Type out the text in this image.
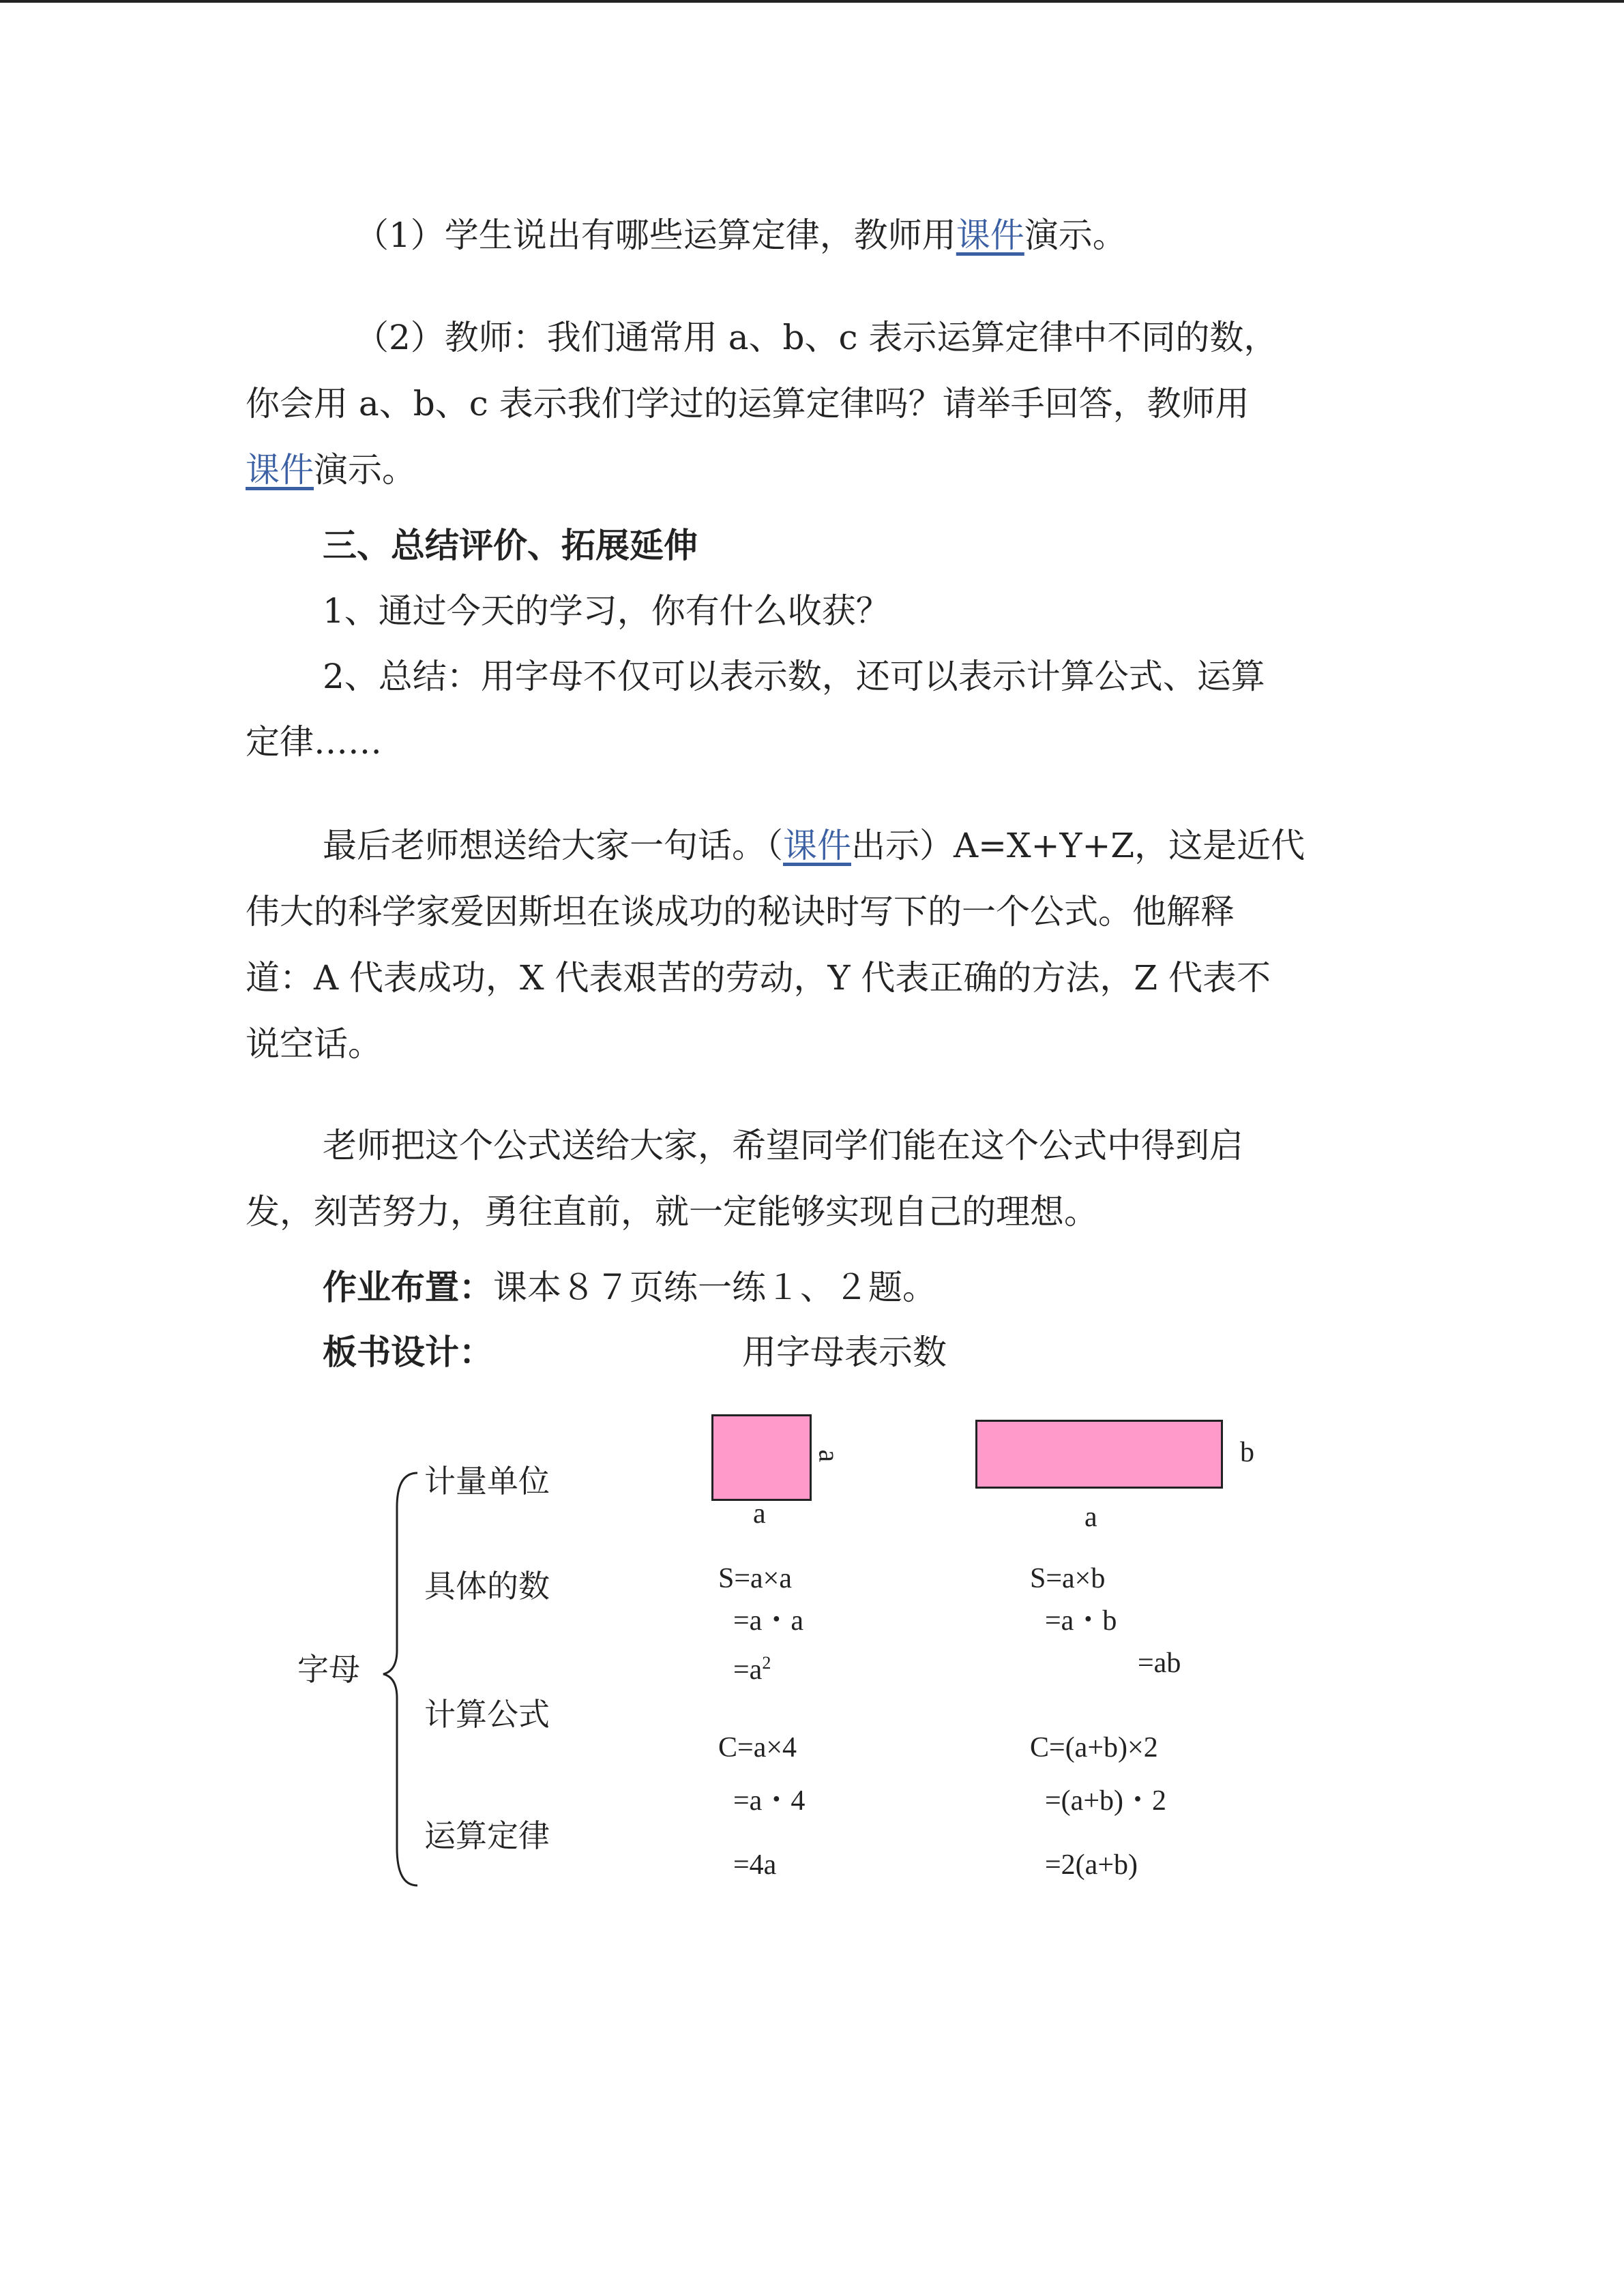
（1）学生说出有哪些运算定律，教师用课件演示。
（2）教师：我们通常用 a、b、c 表示运算定律中不同的数，
你会用 a、b、c 表示我们学过的运算定律吗？请举手回答，教师用
课件演示。
三、总结评价、拓展延伸
1、通过今天的学习，你有什么收获？
2、总结：用字母不仅可以表示数，还可以表示计算公式、运算
定律……
最后老师想送给大家一句话。（课件出示）A=X+Y+Z，这是近代
伟大的科学家爱因斯坦在谈成功的秘诀时写下的一个公式。他解释
道：A 代表成功，X 代表艰苦的劳动，Y 代表正确的方法，Z 代表不
说空话。
老师把这个公式送给大家，希望同学们能在这个公式中得到启
发，刻苦努力，勇往直前，就一定能够实现自己的理想。
作业布置：课本８７页练一练１、２题。
板书设计：	用字母表示数
字母
计量单位
具体的数
计算公式
运算定律
a
a
S=a×a
=a・a
$=a^2$
C=a×4
=a・4
=4a
b
a
S=a×b
=a・b
=ab
C=(a+b)×2
=(a+b)・2
=2(a+b)
